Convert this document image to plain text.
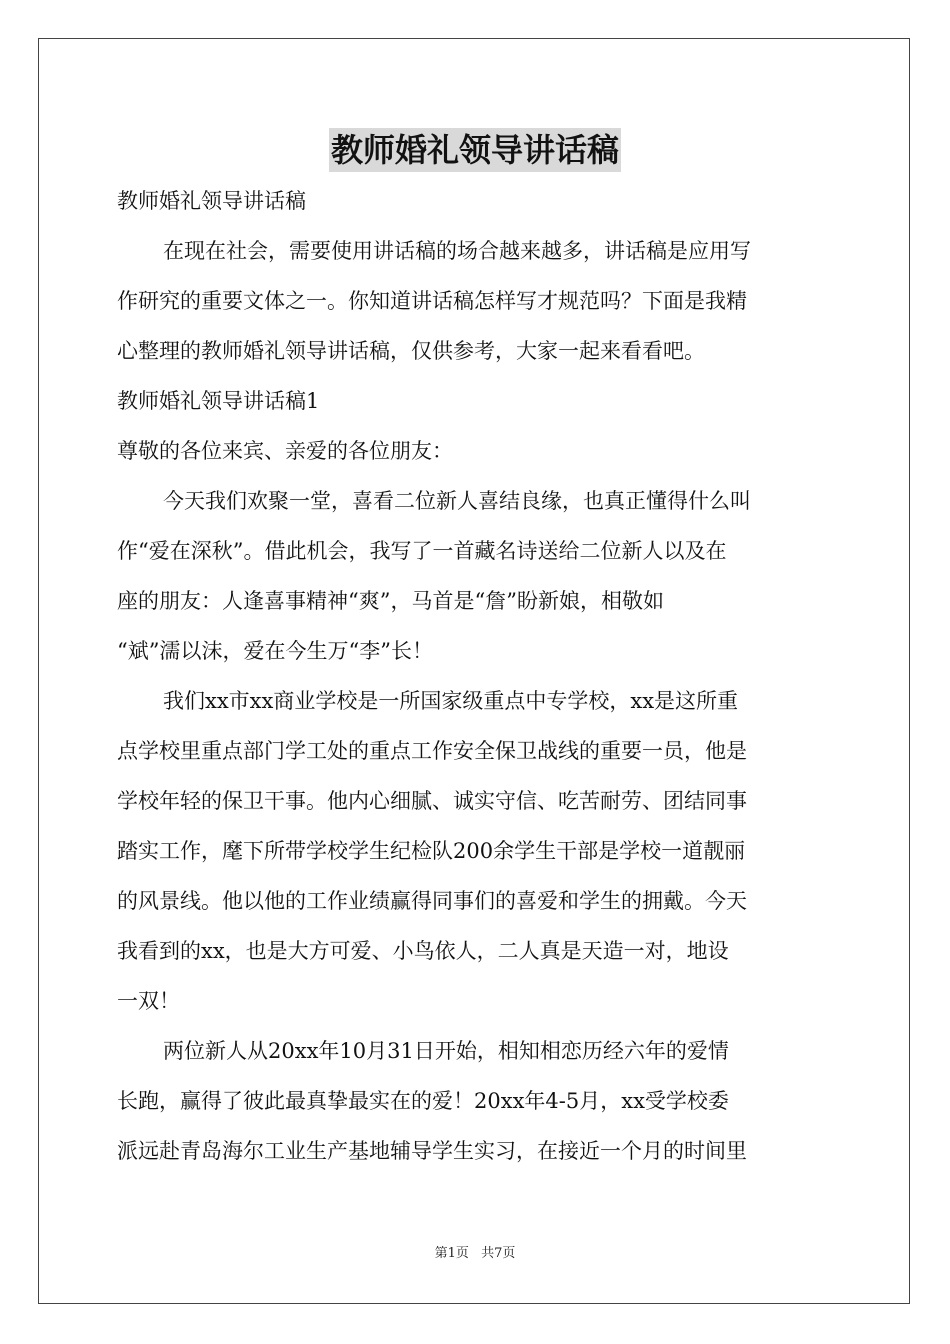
教师婚礼领导讲话稿

教师婚礼领导讲话稿

在现在社会，需要使用讲话稿的场合越来越多，讲话稿是应用写

作研究的重要文体之一。你知道讲话稿怎样写才规范吗？下面是我精

心整理的教师婚礼领导讲话稿，仅供参考，大家一起来看看吧。

教师婚礼领导讲话稿1

尊敬的各位来宾、亲爱的各位朋友：

今天我们欢聚一堂，喜看二位新人喜结良缘，也真正懂得什么叫

作“爱在深秋”。借此机会，我写了一首藏名诗送给二位新人以及在

座的朋友：人逢喜事精神“爽”，马首是“詹”盼新娘，相敬如

“斌”濡以沫，爱在今生万“李”长！

我们xx市xx商业学校是一所国家级重点中专学校，xx是这所重

点学校里重点部门学工处的重点工作安全保卫战线的重要一员，他是

学校年轻的保卫干事。他内心细腻、诚实守信、吃苦耐劳、团结同事

踏实工作，麾下所带学校学生纪检队200余学生干部是学校一道靓丽

的风景线。他以他的工作业绩赢得同事们的喜爱和学生的拥戴。今天

我看到的xx，也是大方可爱、小鸟依人，二人真是天造一对，地设

一双！

两位新人从20xx年10月31日开始，相知相恋历经六年的爱情

长跑，赢得了彼此最真挚最实在的爱！20xx年4-5月，xx受学校委

派远赴青岛海尔工业生产基地辅导学生实习，在接近一个月的时间里

第1页 共7页
